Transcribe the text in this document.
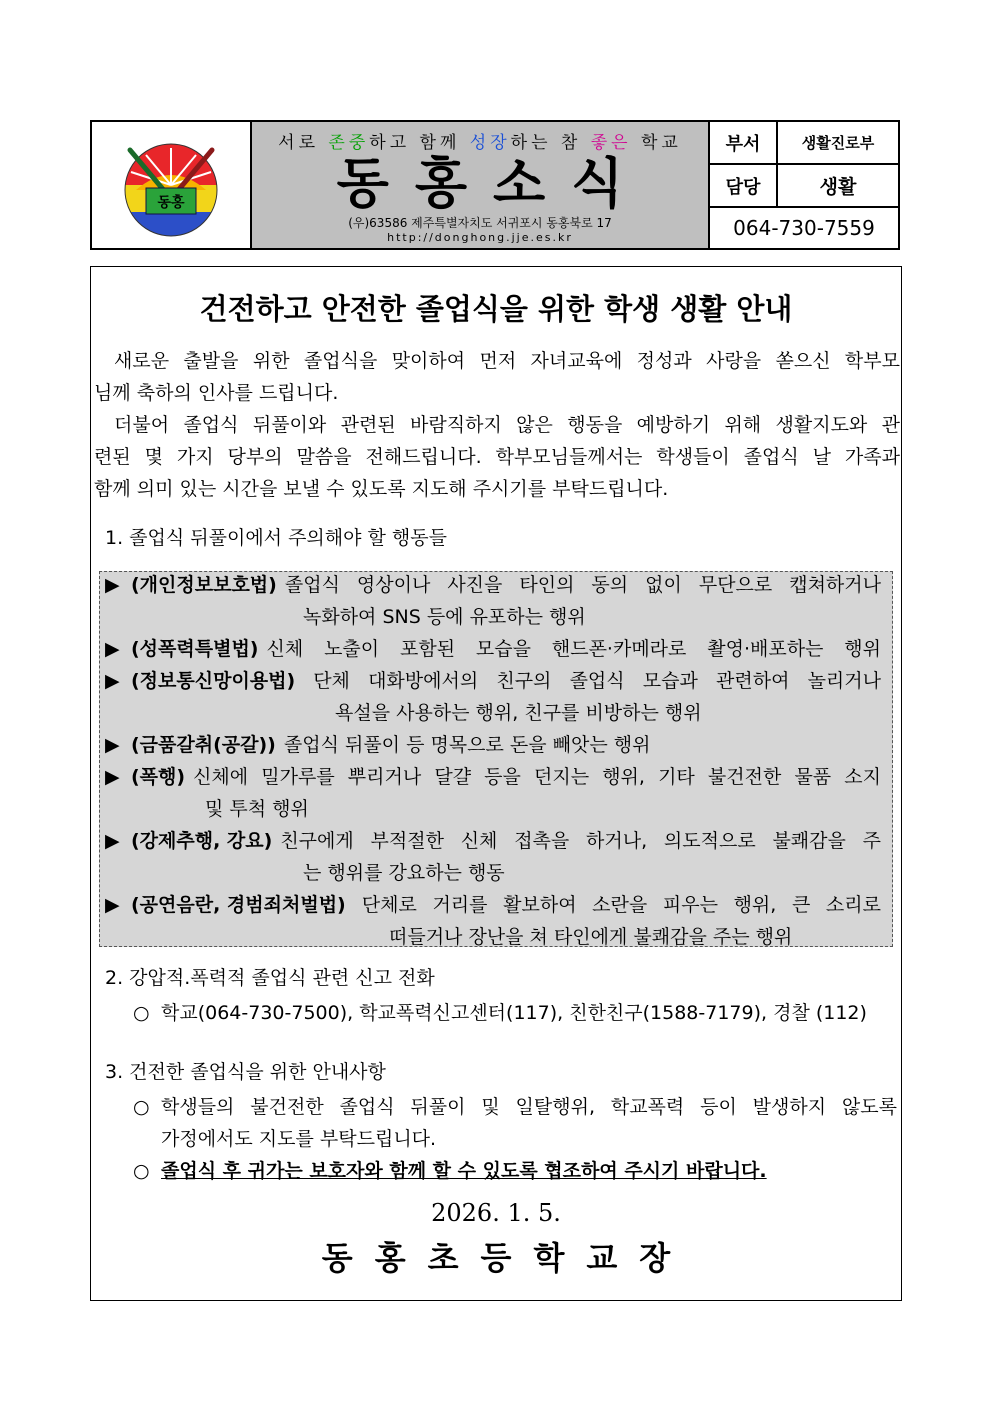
동홍
서로 존중하고 함께 성장하는 참 좋은 학교
동홍소식
(우)63586 제주특별자치도 서귀포시 동홍북로 17
http://donghong.jje.es.kr
부서	생활진로부
담당	생활
064-730-7559
건전하고 안전한 졸업식을 위한 학생 생활 안내
새로운 출발을 위한 졸업식을 맞이하여 먼저 자녀교육에 정성과 사랑을 쏟으신 학부모
님께 축하의 인사를 드립니다.
더불어 졸업식 뒤풀이와 관련된 바람직하지 않은 행동을 예방하기 위해 생활지도와 관
련된 몇 가지 당부의 말씀을 전해드립니다. 학부모님들께서는 학생들이 졸업식 날 가족과
함께 의미 있는 시간을 보낼 수 있도록 지도해 주시기를 부탁드립니다.
1. 졸업식 뒤풀이에서 주의해야 할 행동들
▶ (개인정보보호법) 졸업식 영상이나 사진을 타인의 동의 없이 무단으로 캡쳐하거나
녹화하여 SNS 등에 유포하는 행위
▶ (성폭력특별법) 신체 노출이 포함된 모습을 핸드폰·카메라로 촬영·배포하는 행위
▶ (정보통신망이용법) 단체 대화방에서의 친구의 졸업식 모습과 관련하여 놀리거나
욕설을 사용하는 행위, 친구를 비방하는 행위
▶ (금품갈취(공갈)) 졸업식 뒤풀이 등 명목으로 돈을 빼앗는 행위
▶ (폭행) 신체에 밀가루를 뿌리거나 달걀 등을 던지는 행위, 기타 불건전한 물품 소지
및 투척 행위
▶ (강제추행, 강요) 친구에게 부적절한 신체 접촉을 하거나, 의도적으로 불쾌감을 주
는 행위를 강요하는 행동
▶ (공연음란, 경범죄처벌법) 단체로 거리를 활보하여 소란을 피우는 행위, 큰 소리로
떠들거나 장난을 쳐 타인에게 불쾌감을 주는 행위
2. 강압적.폭력적 졸업식 관련 신고 전화
○ 학교(064-730-7500), 학교폭력신고센터(117), 친한친구(1588-7179), 경찰 (112)
3. 건전한 졸업식을 위한 안내사항
○ 학생들의 불건전한 졸업식 뒤풀이 및 일탈행위, 학교폭력 등이 발생하지 않도록
가정에서도 지도를 부탁드립니다.
○ 졸업식 후 귀가는 보호자와 함께 할 수 있도록 협조하여 주시기 바랍니다.
2026. 1. 5.
동홍초등학교장
